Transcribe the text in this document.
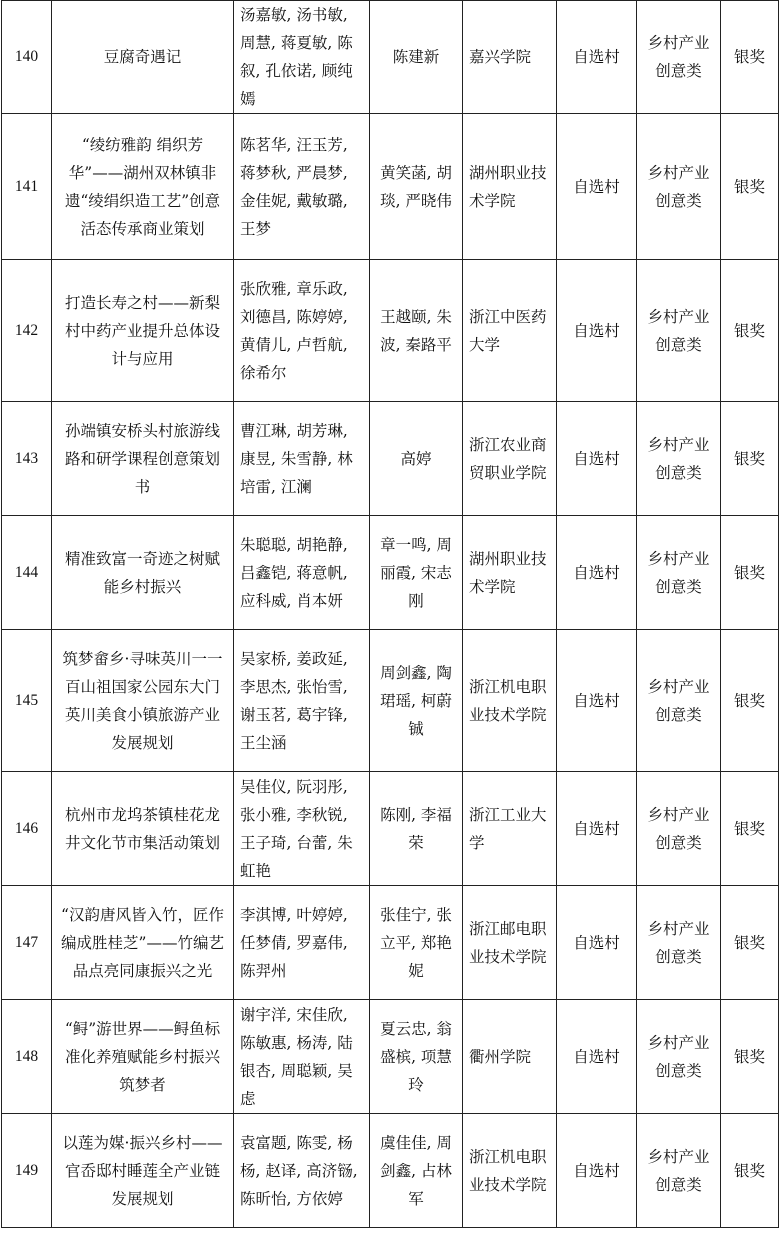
140	豆腐奇遇记	汤嘉敏, 汤书敏, 周慧, 蒋夏敏, 陈叙, 孔依诺, 顾纯嫣	陈建新	嘉兴学院	自选村	乡村产业创意类	银奖
141	“绫纺雅韵 绢织芳华”——湖州双林镇非遗“绫绢织造工艺”创意活态传承商业策划	陈茗华, 汪玉芳, 蒋梦秋, 严晨梦, 金佳妮, 戴敏璐, 王梦	黄笑菡, 胡琰, 严晓伟	湖州职业技术学院	自选村	乡村产业创意类	银奖
142	打造长寿之村——新梨村中药产业提升总体设计与应用	张欣雅, 章乐政, 刘德昌, 陈婷婷, 黄倩儿, 卢哲航, 徐希尔	王越颐, 朱波, 秦路平	浙江中医药大学	自选村	乡村产业创意类	银奖
143	孙端镇安桥头村旅游线路和研学课程创意策划书	曹江琳, 胡芳琳, 康昱, 朱雪静, 林培雷, 江澜	高婷	浙江农业商贸职业学院	自选村	乡村产业创意类	银奖
144	精准致富一奇迹之树赋能乡村振兴	朱聪聪, 胡艳静, 吕鑫铠, 蒋意帆, 应科威, 肖本妍	章一鸣, 周丽霞, 宋志刚	湖州职业技术学院	自选村	乡村产业创意类	银奖
145	筑梦畲乡·寻味英川一一百山祖国家公园东大门英川美食小镇旅游产业发展规划	吴家桥, 姜政延, 李思杰, 张怡雪, 谢玉茗, 葛宇锋, 王尘涵	周剑鑫, 陶珺瑶, 柯蔚铖	浙江机电职业技术学院	自选村	乡村产业创意类	银奖
146	杭州市龙坞茶镇桂花龙井文化节市集活动策划	吴佳仪, 阮羽彤, 张小雅, 李秋锐, 王子琦, 台蕾, 朱虹艳	陈刚, 李福荣	浙江工业大学	自选村	乡村产业创意类	银奖
147	“汉韵唐风皆入竹，匠作编成胜桂芝”——竹编艺品点亮同康振兴之光	李淇博, 叶婷婷, 任梦倩, 罗嘉伟, 陈羿州	张佳宁, 张立平, 郑艳妮	浙江邮电职业技术学院	自选村	乡村产业创意类	银奖
148	“鲟”游世界——鲟鱼标准化养殖赋能乡村振兴筑梦者	谢宇洋, 宋佳欣, 陈敏惠, 杨涛, 陆银杏, 周聪颖, 吴虑	夏云忠, 翁盛槟, 项慧玲	衢州学院	自选村	乡村产业创意类	银奖
149	以莲为媒·振兴乡村——官岙邸村睡莲全产业链发展规划	袁富题, 陈雯, 杨杨, 赵译, 高济铴, 陈昕怡, 方依婷	虞佳佳, 周剑鑫, 占林军	浙江机电职业技术学院	自选村	乡村产业创意类	银奖
